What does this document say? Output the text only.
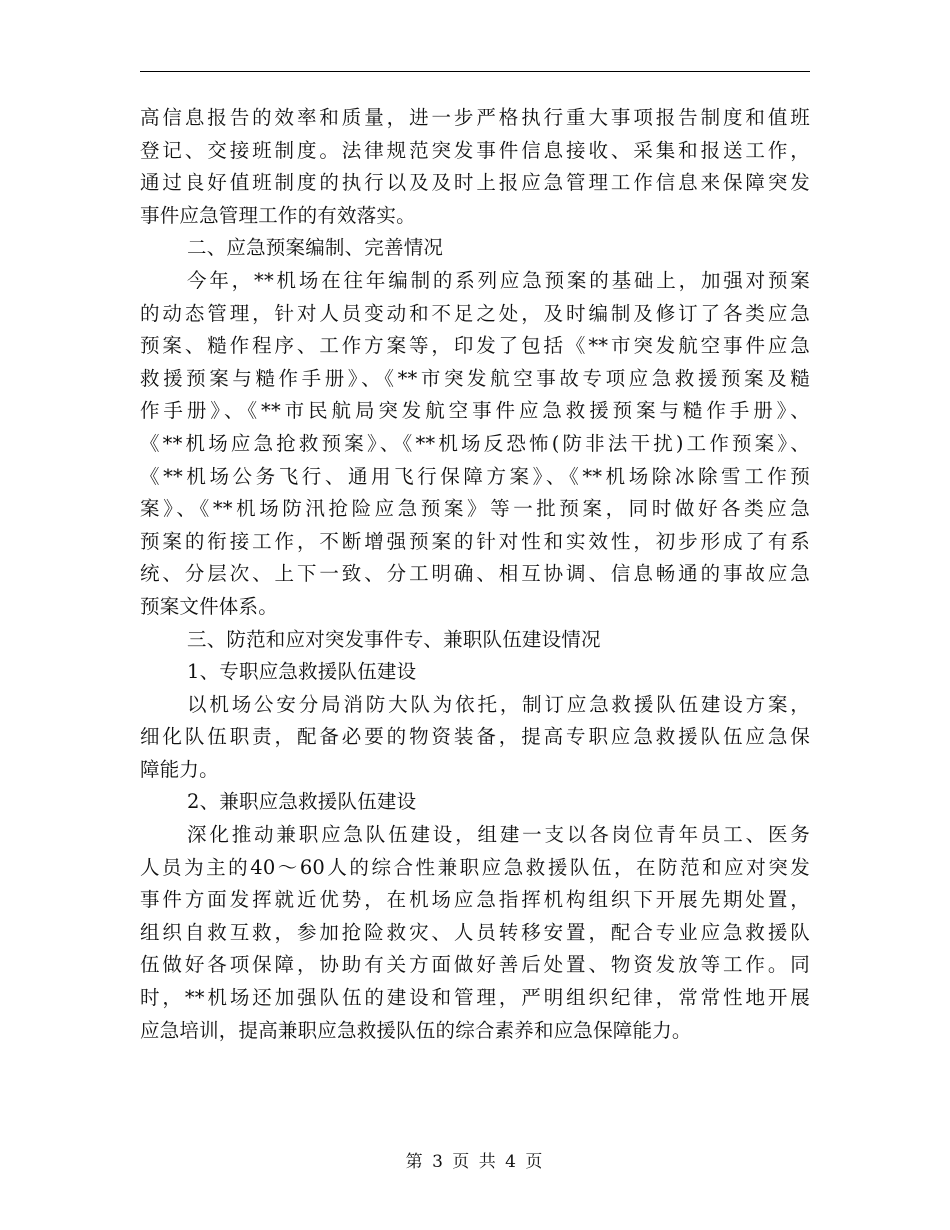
高信息报告的效率和质量，进一步严格执行重大事项报告制度和值班
登记、交接班制度。法律规范突发事件信息接收、采集和报送工作，
通过良好值班制度的执行以及及时上报应急管理工作信息来保障突发
事件应急管理工作的有效落实。
二、应急预案编制、完善情况
今年，**机场在往年编制的系列应急预案的基础上，加强对预案
的动态管理，针对人员变动和不足之处，及时编制及修订了各类应急
预案、糙作程序、工作方案等，印发了包括《**市突发航空事件应急
救援预案与糙作手册》、《**市突发航空事故专项应急救援预案及糙
作手册》、《**市民航局突发航空事件应急救援预案与糙作手册》、
《**机场应急抢救预案》、《**机场反恐怖(防非法干扰)工作预案》、
《**机场公务飞行、通用飞行保障方案》、《**机场除冰除雪工作预
案》、《**机场防汛抢险应急预案》等一批预案，同时做好各类应急
预案的衔接工作，不断增强预案的针对性和实效性，初步形成了有系
统、分层次、上下一致、分工明确、相互协调、信息畅通的事故应急
预案文件体系。
三、防范和应对突发事件专、兼职队伍建设情况
1、专职应急救援队伍建设
以机场公安分局消防大队为依托，制订应急救援队伍建设方案，
细化队伍职责，配备必要的物资装备，提高专职应急救援队伍应急保
障能力。
2、兼职应急救援队伍建设
深化推动兼职应急队伍建设，组建一支以各岗位青年员工、医务
人员为主的40～60人的综合性兼职应急救援队伍，在防范和应对突发
事件方面发挥就近优势，在机场应急指挥机构组织下开展先期处置，
组织自救互救，参加抢险救灾、人员转移安置，配合专业应急救援队
伍做好各项保障，协助有关方面做好善后处置、物资发放等工作。同
时，**机场还加强队伍的建设和管理，严明组织纪律，常常性地开展
应急培训，提高兼职应急救援队伍的综合素养和应急保障能力。
第 3 页 共 4 页
